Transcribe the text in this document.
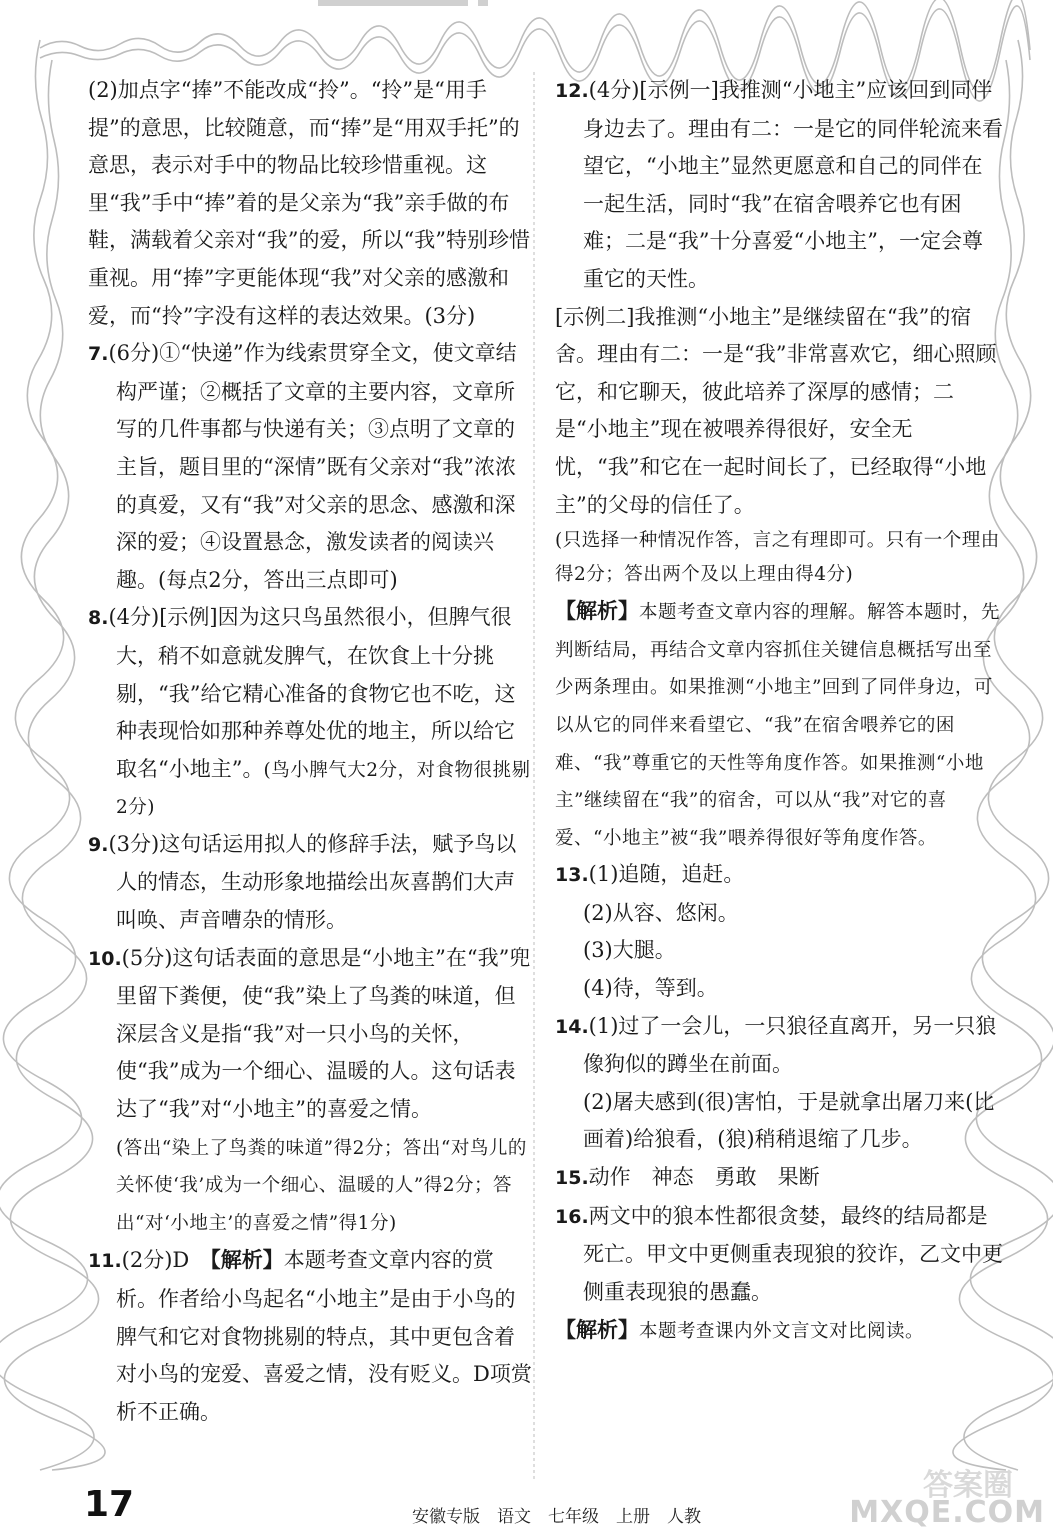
(2)加点字“捧”不能改成“拎”。“拎”是“用手提”的意思，比较随意，而“捧”是“用双手托”的意思，表示对手中的物品比较珍惜重视。这里“我”手中“捧”着的是父亲为“我”亲手做的布鞋，满载着父亲对“我”的爱，所以“我”特别珍惜重视。用“捧”字更能体现“我”对父亲的感激和爱，而“拎”字没有这样的表达效果。(3分)

7.(6分)①“快递”作为线索贯穿全文，使文章结构严谨；②概括了文章的主要内容，文章所写的几件事都与快递有关；③点明了文章的主旨，题目里的“深情”既有父亲对“我”浓浓的真爱，又有“我”对父亲的思念、感激和深深的爱；④设置悬念，激发读者的阅读兴趣。(每点2分，答出三点即可)

8.(4分)[示例]因为这只鸟虽然很小，但脾气很大，稍不如意就发脾气，在饮食上十分挑剔，“我”给它精心准备的食物它也不吃，这种表现恰如那种养尊处优的地主，所以给它取名“小地主”。(鸟小脾气大2分，对食物很挑剔2分)

9.(3分)这句话运用拟人的修辞手法，赋予鸟以人的情态，生动形象地描绘出灰喜鹊们大声叫唤、声音嘈杂的情形。

10.(5分)这句话表面的意思是“小地主”在“我”兜里留下粪便，使“我”染上了鸟粪的味道，但深层含义是指“我”对一只小鸟的关怀，使“我”成为一个细心、温暖的人。这句话表达了“我”对“小地主”的喜爱之情。
(答出“染上了鸟粪的味道”得2分；答出“对鸟儿的关怀使‘我’成为一个细心、温暖的人”得2分；答出“对‘小地主’的喜爱之情”得1分)

11.(2分)D　 【解析】本题考查文章内容的赏析。作者给小鸟起名“小地主”是由于小鸟的脾气和它对食物挑剔的特点，其中更包含着对小鸟的宠爱、喜爱之情，没有贬义。D项赏析不正确。

12.(4分)[示例一]我推测“小地主”应该回到同伴身边去了。理由有二：一是它的同伴轮流来看望它，“小地主”显然更愿意和自己的同伴在一起生活，同时“我”在宿舍喂养它也有困难；二是“我”十分喜爱“小地主”，一定会尊重它的天性。

[示例二]我推测“小地主”是继续留在“我”的宿舍。理由有二：一是“我”非常喜欢它，细心照顾它，和它聊天，彼此培养了深厚的感情；二是“小地主”现在被喂养得很好，安全无忧，“我”和它在一起时间长了，已经取得“小地主”的父母的信任了。

(只选择一种情况作答，言之有理即可。只有一个理由得2分；答出两个及以上理由得4分)

【解析】本题考查文章内容的理解。解答本题时，先判断结局，再结合文章内容抓住关键信息概括写出至少两条理由。如果推测“小地主”回到了同伴身边，可以从它的同伴来看望它、“我”在宿舍喂养它的困难、“我”尊重它的天性等角度作答。如果推测“小地主”继续留在“我”的宿舍，可以从“我”对它的喜爱、“小地主”被“我”喂养得很好等角度作答。

13.(1)追随，追赶。
(2)从容、悠闲。
(3)大腿。
(4)待，等到。

14.(1)过了一会儿，一只狼径直离开，另一只狼像狗似的蹲坐在前面。
(2)屠夫感到(很)害怕，于是就拿出屠刀来(比画着)给狼看，(狼)稍稍退缩了几步。

15.动作　神态　勇敢　果断

16.两文中的狼本性都很贪婪，最终的结局都是死亡。甲文中更侧重表现狼的狡诈，乙文中更侧重表现狼的愚蠢。

【解析】本题考查课内外文言文对比阅读。

17	安徽专版　语文　七年级　上册　人教
答案圈
MXQE.COM
